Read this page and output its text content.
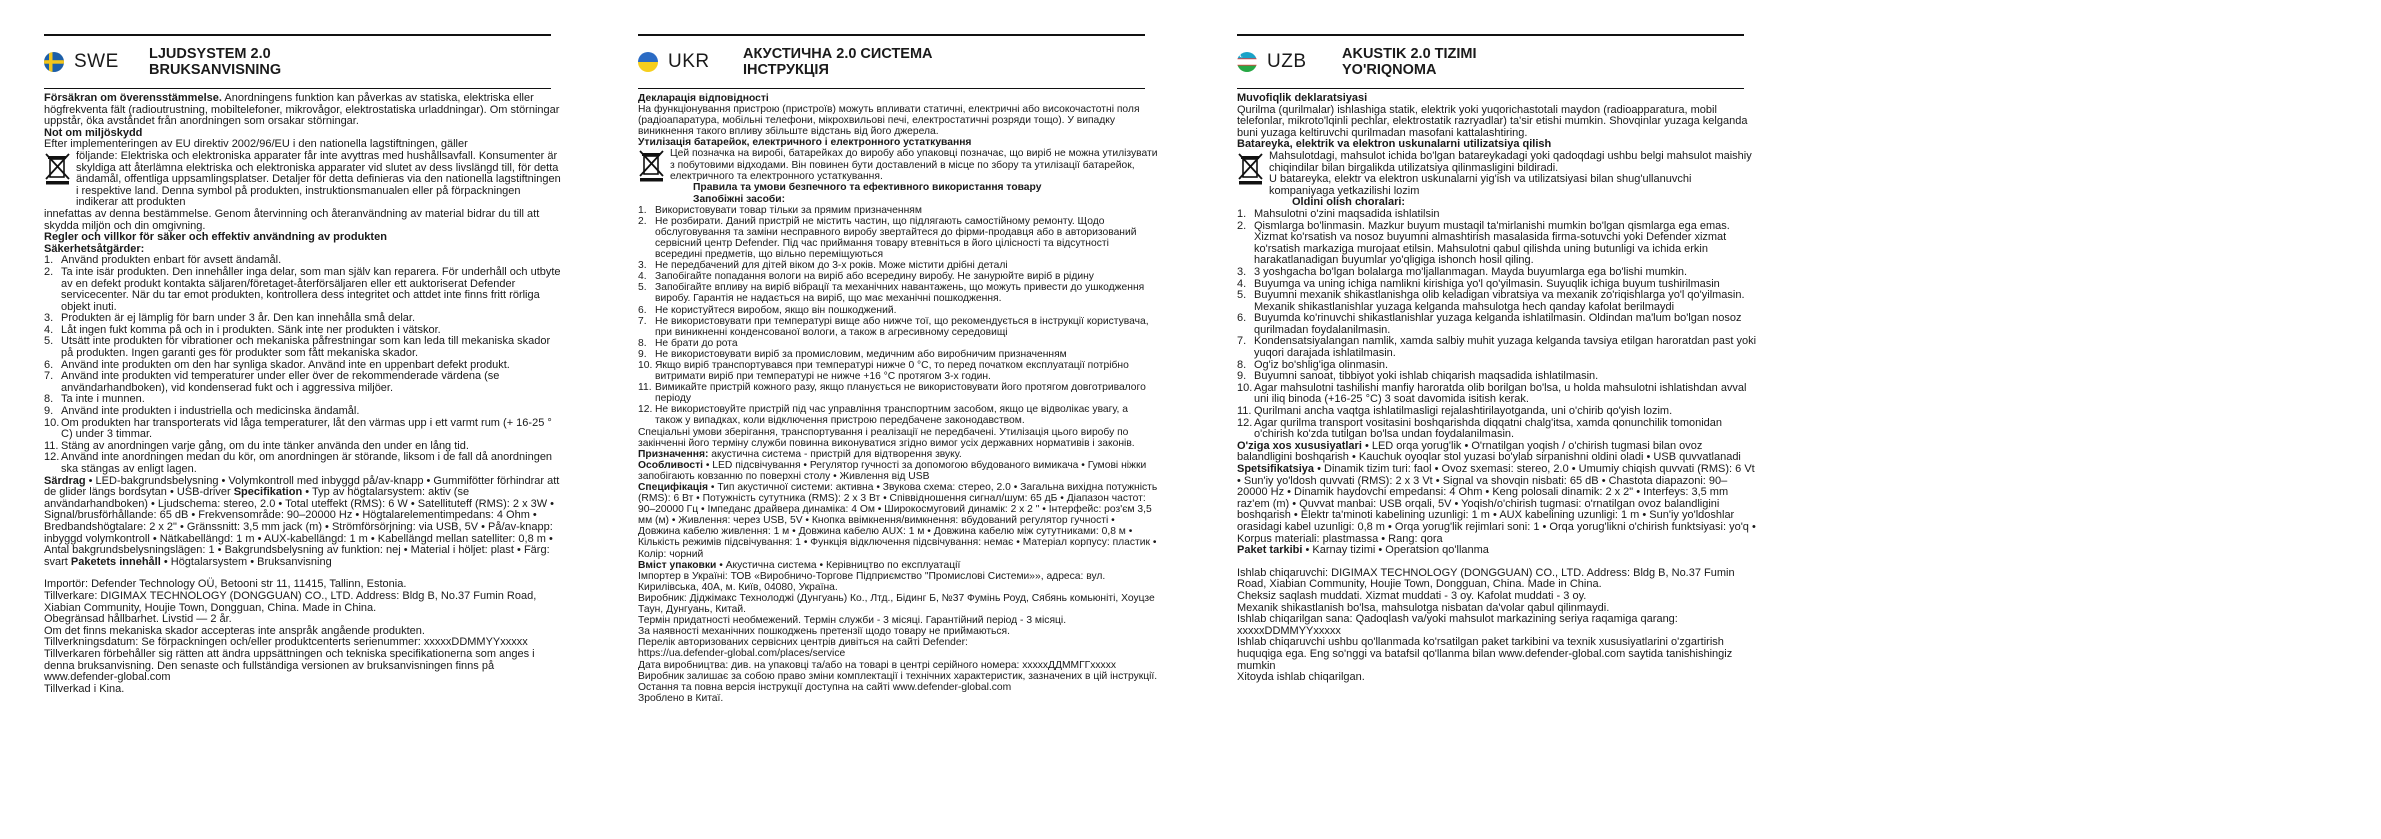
SWE	LJUDSYSTEM 2.0
BRUKSANVISNING

Försäkran om överensstämmelse. Anordningens funktion kan påverkas av statiska, elektriska eller högfrekventa fält (radioutrustning, mobiltelefoner, mikrovågor, elektrostatiska urladdningar). Om störningar uppstår, öka avståndet från anordningen som orsakar störningar.

Not om miljöskydd

Efter implementeringen av EU direktiv 2002/96/EU i den nationella lagstiftningen, gäller

följande: Elektriska och elektroniska apparater får inte avyttras med hushållsavfall. Konsumenter är skyldiga att återlämna elektriska och elektroniska apparater vid slutet av dess livslängd till, för detta ändamål, offentliga uppsamlingsplatser. Detaljer för detta definieras via den nationella lagstiftningen i respektive land. Denna symbol på produkten, instruktionsmanualen eller på förpackningen indikerar att produkten

innefattas av denna bestämmelse. Genom återvinning och återanvändning av material bidrar du till att skydda miljön och din omgivning.

Regler och villkor för säker och effektiv användning av produkten

Säkerhetsåtgärder:

1. Använd produkten enbart för avsett ändamål.
2. Ta inte isär produkten. Den innehåller inga delar, som man själv kan reparera. För underhåll och utbyte av en defekt produkt kontakta säljaren/företaget-återförsäljaren eller ett auktoriserat Defender servicecenter. När du tar emot produkten, kontrollera dess integritet och attdet inte finns fritt rörliga objekt inuti.
3. Produkten är ej lämplig för barn under 3 år. Den kan innehålla små delar.
4. Låt ingen fukt komma på och in i produkten. Sänk inte ner produkten i vätskor.
5. Utsätt inte produkten för vibrationer och mekaniska påfrestningar som kan leda till mekaniska skador på produkten. Ingen garanti ges för produkter som fått mekaniska skador.
6. Använd inte produkten om den har synliga skador. Använd inte en uppenbart defekt produkt.
7. Använd inte produkten vid temperaturer under eller över de rekommenderade värdena (se användarhandboken), vid kondenserad fukt och i aggressiva miljöer.
8. Ta inte i munnen.
9. Använd inte produkten i industriella och medicinska ändamål.
10. Om produkten har transporterats vid låga temperaturer, låt den värmas upp i ett varmt rum (+ 16-25 ° C) under 3 timmar.
11. Stäng av anordningen varje gång, om du inte tänker använda den under en lång tid.
12. Använd inte anordningen medan du kör, om anordningen är störande, liksom i de fall då anordningen ska stängas av enligt lagen.

Särdrag • LED-bakgrundsbelysning • Volymkontroll med inbyggd på/av-knapp • Gummifötter förhindrar att de glider längs bordsytan • USB-driver Specifikation • Typ av högtalarsystem: aktiv (se användarhandboken) • Ljudschema: stereo, 2.0 • Total uteffekt (RMS): 6 W • Satellituteff (RMS): 2 x 3W • Signal/brusförhållande: 65 dB • Frekvensområde: 90–20000 Hz • Högtalarelementimpedans: 4 Ohm • Bredbandshögtalare: 2 x 2" • Gränssnitt: 3,5 mm jack (m) • Strömförsörjning: via USB, 5V • På/av-knapp: inbyggd volymkontroll • Nätkabellängd: 1 m • AUX-kabellängd: 1 m • Kabellängd mellan satelliter: 0,8 m • Antal bakgrundsbelysningslägen: 1 • Bakgrundsbelysning av funktion: nej • Material i höljet: plast • Färg: svart Paketets innehåll • Högtalarsystem • Bruksanvisning

Importör: Defender Technology OÜ, Betooni str 11, 11415, Tallinn, Estonia.

Tillverkare: DIGIMAX TECHNOLOGY (DONGGUAN) CO., LTD. Address: Bldg B, No.37 Fumin Road,

Xiabian Community, Houjie Town, Dongguan, China. Made in China.

Obegränsad hållbarhet. Livstid — 2 år.

Om det finns mekaniska skador accepteras inte anspråk angående produkten.

Tillverkningsdatum: Se förpackningen och/eller produktcenterts serienummer: xxxxxDDMMYYxxxxx

Tillverkaren förbehåller sig rätten att ändra uppsättningen och tekniska specifikationerna som anges i denna bruksanvisning. Den senaste och fullständiga versionen av bruksanvisningen finns på www.defender-global.com

Tillverkad i Kina.

UKR	АКУСТИЧНА 2.0 СИСТЕМА
ІНСТРУКЦІЯ

Декларація відповідності

На функціонування пристрою (пристроїв) можуть впливати статичні, електричні або високочастотні поля (радіоапаратура, мобільні телефони, мікрохвильові печі, електростатичні розряди тощо). У випадку виникнення такого впливу збільште відстань від його джерела.

Утилізація батарейок, електричного і електронного устаткування

Цей позначка на виробі, батарейках до виробу або упаковці позначає, що виріб не можна утилізувати з побутовими відходами. Він повинен бути доставлений в місце по збору та утилізації батарейок, електричного та електронного устаткування.

Правила та умови безпечного та ефективного використання товару

Запобіжні засоби:

1. Використовувати товар тільки за прямим призначенням
2. Не розбирати. Даний пристрій не містить частин, що підлягають самостійному ремонту. Щодо обслуговування та заміни несправного виробу звертайтеся до фірми-продавця або в авторизований сервісний центр Defender. Під час приймання товару втевніться в його цілісності та відсутності всередині предметів, що вільно переміщуються
3. Не передбачений для дітей віком до 3-х років. Може містити дрібні деталі
4. Запобігайте попадання вологи на виріб або всередину виробу. Не занурюйте виріб в рідину
5. Запобігайте впливу на виріб вібрації та механічних навантажень, що можуть привести до ушкодження виробу. Гарантія не надається на виріб, що має механічні пошкодження.
6. Не користуйтеся виробом, якщо він пошкоджений.
7. Не використовувати при температурі вище або нижче тої, що рекомендується в інструкції користувача, при виникненні конденсованої вологи, а також в агресивному середовищі
8. Не брати до рота
9. Не використовувати виріб за промисловим, медичним або виробничим призначенням
10. Якщо виріб транспортувався при температурі нижче 0 °С, то перед початком експлуатації потрібно витримати виріб при температурі не нижче +16 °С протягом 3-х годин.
11. Вимикайте пристрій кожного разу, якщо планується не використовувати його протягом довготривалого періоду
12. Не використовуйте пристрій під час управління транспортним засобом, якщо це відволікає увагу, а також у випадках, коли відключення пристрою передбачене законодавством.

Спеціальні умови зберігання, транспортування і реалізації не передбачені. Утилізація цього виробу по закінченні його терміну служби повинна виконуватися згідно вимог усіх державних нормативів і законів.

Призначення: акустична система - пристрій для відтворення звуку.

Особливості • LED підсвічування • Регулятор гучності за допомогою вбудованого вимикача • Гумові ніжки запобігають ковзанню по поверхні столу • Живлення від USB

Специфікація • Тип акустичної системи: активна • Звукова схема: стерео, 2.0 • Загальна вихідна потужність (RMS): 6 Вт • Потужність сутутника (RMS): 2 x 3 Вт • Співвідношення сигнал/шум: 65 дБ • Діапазон частот: 90–20000 Гц • Імпеданс драйвера динаміка: 4 Ом • Широкосмуговий динамік: 2 x 2 " • Інтерфейс: роз'єм 3,5 мм (м) • Живлення: через USB, 5V • Кнопка ввімкнення/вимкнення: вбудований регулятор гучності • Довжина кабелю живлення: 1 м • Довжина кабелю AUX: 1 м • Довжина кабелю між сутутниками: 0,8 м • Кількість режимів підсвічування: 1 • Функція відключення підсвічування: немає • Матеріал корпусу: пластик • Колір: чорний

Вміст упаковки • Акустична система • Керівництво по експлуатації

Імпортер в Україні: ТОВ «Виробничо-Торгове Підприємство "Промислові Системи»», адреса: вул. Кирилівська, 40А, м. Київ, 04080, Україна.

Виробник: Діджімакс Технолоджі (Дунгуань) Ко., Лтд., Бідинг Б, №37 Фумінь Роуд, Сябянь комьюніті, Хоуцзе Таун, Дунгуань, Китай.

Термін придатності необмежений. Термін служби - 3 місяці. Гарантійний період - 3 місяці.

За наявності механічних пошкоджень претензії щодо товару не приймаються.

Перелік авторизованих сервісних центрів дивіться на сайті Defender:

https://ua.defender-global.com/places/service

Дата виробництва: див. на упаковці та/або на товарі в центрі серійного номера: xxxxxДДММГГxxxxx

Виробник залишає за собою право зміни комплектації і технічних характеристик, зазначених в цій інструкції. Остання та повна версія інструкції доступна на сайті www.defender-global.com

Зроблено в Китаї.

UZB	AKUSTIK 2.0 TIZIMI
YO'RIQNOMA

Muvofiqlik deklaratsiyasi

Qurilma (qurilmalar) ishlashiga statik, elektrik yoki yuqorichastotali maydon (radioapparatura, mobil telefonlar, mikroto'lqinli pechlar, elektrostatik razryadlar) ta'sir etishi mumkin. Shovqinlar yuzaga kelganda buni yuzaga keltiruvchi qurilmadan masofani kattalashtiring.

Batareyka, elektrik va elektron uskunalarni utilizatsiya qilish

Mahsulotdagi, mahsulot ichida bo'lgan batareykadagi yoki qadoqdagi ushbu belgi mahsulot maishiy chiqindilar bilan birgalikda utilizatsiya qilinmasligini bildiradi.

U batareyka, elektr va elektron uskunalarni yig'ish va utilizatsiyasi bilan shug'ullanuvchi kompaniyaga yetkazilishi lozim

Oldini olish choralari:

1. Mahsulotni o'zini maqsadida ishlatilsin
2. Qismlarga bo'linmasin. Mazkur buyum mustaqil ta'mirlanishi mumkin bo'lgan qismlarga ega emas. Xizmat ko'rsatish va nosoz buyumni almashtirish masalasida firma-sotuvchi yoki Defender xizmat ko'rsatish markaziga murojaat etilsin. Mahsulotni qabul qilishda uning butunligi va ichida erkin harakatlanadigan buyumlar yo'qligiga ishonch hosil qiling.
3. 3 yoshgacha bo'lgan bolalarga mo'ljallanmagan. Mayda buyumlarga ega bo'lishi mumkin.
4. Buyumga va uning ichiga namlikni kirishiga yo'l qo'yilmasin. Suyuqlik ichiga buyum tushirilmasin
5. Buyumni mexanik shikastlanishga olib keladigan vibratsiya va mexanik zo'riqishlarga yo'l qo'yilmasin. Mexanik shikastlanishlar yuzaga kelganda mahsulotga hech qanday kafolat berilmaydi
6. Buyumda ko'rinuvchi shikastlanishlar yuzaga kelganda ishlatilmasin. Oldindan ma'lum bo'lgan nosoz qurilmadan foydalanilmasin.
7. Kondensatsiyalangan namlik, xamda salbiy muhit yuzaga kelganda tavsiya etilgan haroratdan past yoki yuqori darajada ishlatilmasin.
8. Og'iz bo'shlig'iga olinmasin.
9. Buyumni sanoat, tibbiyot yoki ishlab chiqarish maqsadida ishlatilmasin.
10. Agar mahsulotni tashilishi manfiy haroratda olib borilgan bo'lsa, u holda mahsulotni ishlatishdan avval uni iliq binoda (+16-25 °C) 3 soat davomida isitish kerak.
11. Qurilmani ancha vaqtga ishlatilmasligi rejalashtirilayotganda, uni o'chirib qo'yish lozim.
12. Agar qurilma transport vositasini boshqarishda diqqatni chalg'itsa, xamda qonunchilik tomonidan o'chirish ko'zda tutilgan bo'lsa undan foydalanilmasin.

O'ziga xos xususiyatlari • LED orqa yorug'lik • O'rnatilgan yoqish / o'chirish tugmasi bilan ovoz balandligini boshqarish • Kauchuk oyoqlar stol yuzasi bo'ylab sirpanishni oldini oladi • USB quvvatlanadi Spetsifikatsiya • Dinamik tizim turi: faol • Ovoz sxemasi: stereo, 2.0 • Umumiy chiqish quvvati (RMS): 6 Vt • Sun'iy yo'ldosh quvvati (RMS): 2 x 3 Vt • Signal va shovqin nisbati: 65 dB • Chastota diapazoni: 90–20000 Hz • Dinamik haydovchi empedansi: 4 Ohm • Keng polosali dinamik: 2 x 2" • Interfeys: 3,5 mm raz'em (m) • Quvvat manbai: USB orqali, 5V • Yoqish/o'chirish tugmasi: o'rnatilgan ovoz balandligini boshqarish • Elektr ta'minoti kabelining uzunligi: 1 m • AUX kabelining uzunligi: 1 m • Sun'iy yo'ldoshlar orasidagi kabel uzunligi: 0,8 m • Orqa yorug'lik rejimlari soni: 1 • Orqa yorug'likni o'chirish funktsiyasi: yo'q • Korpus materiali: plastmassa • Rang: qora

Paket tarkibi • Karnay tizimi • Operatsion qo'llanma

Ishlab chiqaruvchi: DIGIMAX TECHNOLOGY (DONGGUAN) CO., LTD. Address: Bldg B, No.37 Fumin Road, Xiabian Community, Houjie Town, Dongguan, China. Made in China.

Cheksiz saqlash muddati. Xizmat muddati - 3 oy. Kafolat muddati - 3 oy.

Mexanik shikastlanish bo'lsa, mahsulotga nisbatan da'volar qabul qilinmaydi.

Ishlab chiqarilgan sana: Qadoqlash va/yoki mahsulot markazining seriya raqamiga qarang: xxxxxDDMMYYxxxxx

Ishlab chiqaruvchi ushbu qo'llanmada ko'rsatilgan paket tarkibini va texnik xususiyatlarini o'zgartirish huquqiga ega. Eng so'nggi va batafsil qo'llanma bilan www.defender-global.com saytida tanishishingiz mumkin

Xitoyda ishlab chiqarilgan.
